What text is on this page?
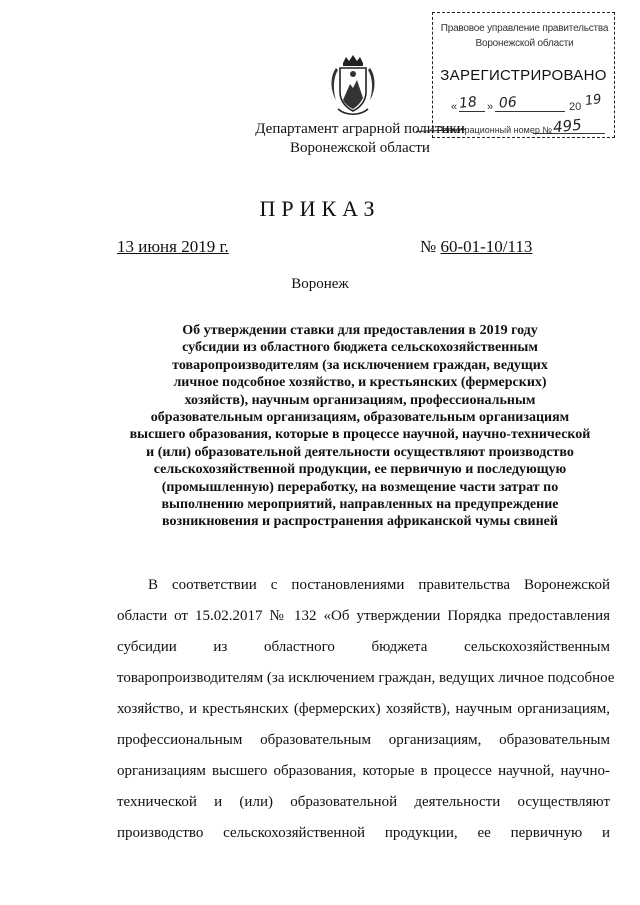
Правовое управление правительства
Воронежской области
ЗАРЕГИСТРИРОВАНО
«	»	20
18 06	19
Регистрационный номер № 495
Департамент аграрной политики
Воронежской области
ПРИКАЗ
13 июня 2019 г.	№ 60-01-10/113
Воронеж
Об утверждении ставки для предоставления в 2019 году
субсидии из областного бюджета сельскохозяйственным
товаропроизводителям (за исключением граждан, ведущих
личное подсобное хозяйство, и крестьянских (фермерских)
хозяйств), научным организациям, профессиональным
образовательным организациям, образовательным организациям
высшего образования, которые в процессе научной, научно-технической
и (или) образовательной деятельности осуществляют производство
сельскохозяйственной продукции, ее первичную и последующую
(промышленную) переработку, на возмещение части затрат по
выполнению мероприятий, направленных на предупреждение
возникновения и распространения африканской чумы свиней
В соответствии с постановлениями правительства Воронежской
области от 15.02.2017 № 132 «Об утверждении Порядка предоставления
субсидии из областного бюджета сельскохозяйственным
товаропроизводителям (за исключением граждан, ведущих личное подсобное
хозяйство, и крестьянских (фермерских) хозяйств), научным организациям,
профессиональным образовательным организациям, образовательным
организациям высшего образования, которые в процессе научной, научно-
технической и (или) образовательной деятельности осуществляют
производство сельскохозяйственной продукции, ее первичную и
